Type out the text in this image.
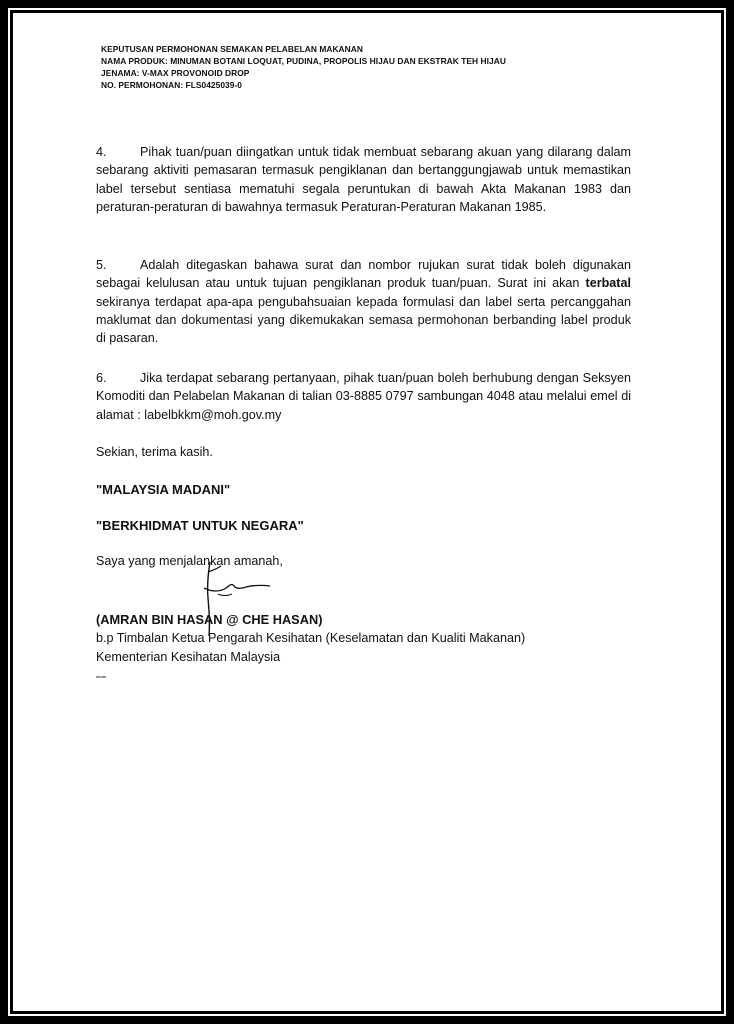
KEPUTUSAN PERMOHONAN SEMAKAN PELABELAN MAKANAN
NAMA PRODUK: MINUMAN BOTANI LOQUAT, PUDINA, PROPOLIS HIJAU DAN EKSTRAK TEH HIJAU
JENAMA: V-MAX PROVONOID DROP
NO. PERMOHONAN: FLS0425039-0
4.	Pihak tuan/puan diingatkan untuk tidak membuat sebarang akuan yang dilarang dalam sebarang aktiviti pemasaran termasuk pengiklanan dan bertanggungjawab untuk memastikan label tersebut sentiasa mematuhi segala peruntukan di bawah Akta Makanan 1983 dan peraturan-peraturan di bawahnya termasuk Peraturan-Peraturan Makanan 1985.
5.	Adalah ditegaskan bahawa surat dan nombor rujukan surat tidak boleh digunakan sebagai kelulusan atau untuk tujuan pengiklanan produk tuan/puan. Surat ini akan terbatal sekiranya terdapat apa-apa pengubahsuaian kepada formulasi dan label serta percanggahan maklumat dan dokumentasi yang dikemukakan semasa permohonan berbanding label produk di pasaran.
6.	Jika terdapat sebarang pertanyaan, pihak tuan/puan boleh berhubung dengan Seksyen Komoditi dan Pelabelan Makanan di talian 03-8885 0797 sambungan 4048 atau melalui emel di alamat : labelbkkm@moh.gov.my
Sekian, terima kasih.
"MALAYSIA MADANI"
"BERKHIDMAT UNTUK NEGARA"
Saya yang menjalankan amanah,
(AMRAN BIN HASAN @ CHE HASAN)
b.p Timbalan Ketua Pengarah Kesihatan (Keselamatan dan Kualiti Makanan)
Kementerian Kesihatan Malaysia
sknm
